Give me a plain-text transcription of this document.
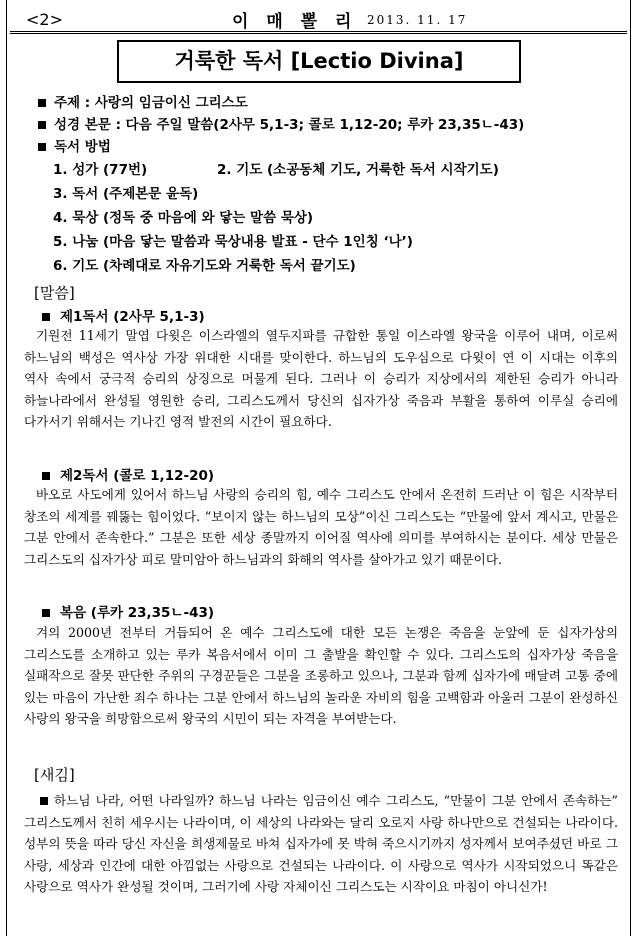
<2>	이 매 뽈 리 2013. 11. 17
거룩한 독서 [Lectio Divina]
주제 : 사랑의 임금이신 그리스도
성경 본문 : 다음 주일 말씀(2사무 5,1-3; 콜로 1,12-20; 루카 23,35ㄴ-43)
독서 방법
1. 성가 (77번)	2. 기도 (소공동체 기도, 거룩한 독서 시작기도)
3. 독서 (주제본문 윤독)
4. 묵상 (정독 중 마음에 와 닿는 말씀 묵상)
5. 나눔 (마음 닿는 말씀과 묵상내용 발표 - 단수 1인칭 ‘나’)
6. 기도 (차례대로 자유기도와 거룩한 독서 끝기도)
[말씀]
제1독서 (2사무 5,1-3)
기원전 11세기 말엽 다윗은 이스라엘의 열두지파를 규합한 통일 이스라엘 왕국을 이루어 내며, 이로써 하느님의 백성은 역사상 가장 위대한 시대를 맞이한다. 하느님의 도우심으로 다윗이 연 이 시대는 이후의 역사 속에서 궁극적 승리의 상징으로 머물게 된다. 그러나 이 승리가 지상에서의 제한된 승리가 아니라 하늘나라에서 완성될 영원한 승리, 그리스도께서 당신의 십자가상 죽음과 부활을 통하여 이루실 승리에 다가서기 위해서는 기나긴 영적 발전의 시간이 필요하다.
제2독서 (콜로 1,12-20)
바오로 사도에게 있어서 하느님 사랑의 승리의 힘, 예수 그리스도 안에서 온전히 드러난 이 힘은 시작부터 창조의 세계를 꿰뚫는 힘이었다. “보이지 않는 하느님의 모상”이신 그리스도는 “만물에 앞서 계시고, 만물은 그분 안에서 존속한다.” 그분은 또한 세상 종말까지 이어질 역사에 의미를 부여하시는 분이다. 세상 만물은 그리스도의 십자가상 피로 말미암아 하느님과의 화해의 역사를 살아가고 있기 때문이다.
복음 (루카 23,35ㄴ-43)
겨의 2000년 전부터 거듭되어 온 예수 그리스도에 대한 모든 논쟁은 죽음을 눈앞에 둔 십자가상의 그리스도를 소개하고 있는 루카 복음서에서 이미 그 출발을 확인할 수 있다. 그리스도의 십자가상 죽음을 실패작으로 잘못 판단한 주위의 구경꾼들은 그분을 조롱하고 있으나, 그분과 함께 십자가에 매달려 고통 중에 있는 마음이 가난한 죄수 하나는 그분 안에서 하느님의 놀라운 자비의 힘을 고백함과 아울러 그분이 완성하신 사랑의 왕국을 희망함으로써 왕국의 시민이 되는 자격을 부여받는다.
[새김]
하느님 나라, 어떤 나라일까? 하느님 나라는 임금이신 예수 그리스도, “만물이 그분 안에서 존속하는” 그리스도께서 친히 세우시는 나라이며, 이 세상의 나라와는 달리 오로지 사랑 하나만으로 건설되는 나라이다. 성부의 뜻을 따라 당신 자신을 희생제물로 바쳐 십자가에 못 박혀 죽으시기까지 성자께서 보여주셨던 바로 그 사랑, 세상과 인간에 대한 아낌없는 사랑으로 건설되는 나라이다. 이 사랑으로 역사가 시작되었으니 똑같은 사랑으로 역사가 완성될 것이며, 그러기에 사랑 자체이신 그리스도는 시작이요 마침이 아니신가!
